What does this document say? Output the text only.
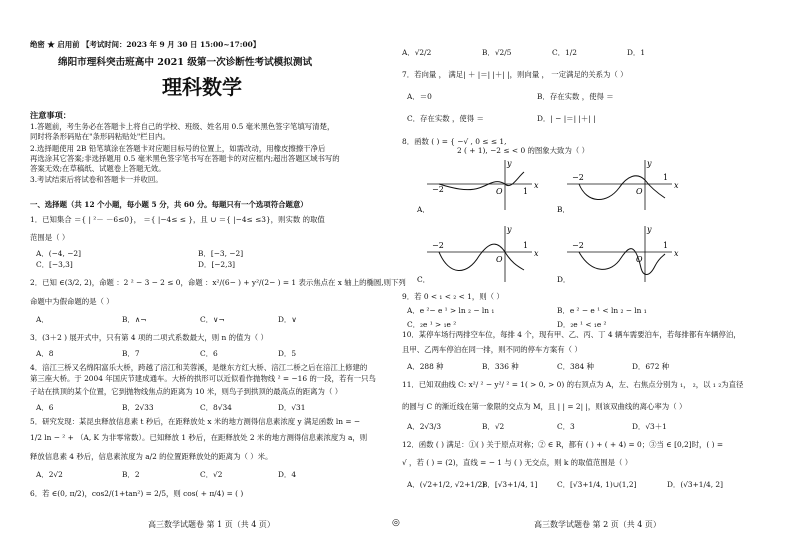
绝密 ★ 启用前 【考试时间：2023 年 9 月 30 日 15:00~17:00】
绵阳市理科突击班高中 2021 级第一次诊断性考试模拟测试
理科数学
注意事项：
1.答题前，考生务必在答题卡上将自己的学校、班级、姓名用 0.5 毫米黑色签字笔填写清楚，
同时将条形码贴在"条形码粘贴处"栏目内。
2.选择题使用 2B 铅笔填涂在答题卡对应题目标号的位置上，如需改动，用橡皮擦擦干净后
再选涂其它答案;非选择题用 0.5 毫米黑色签字笔书写在答题卡的对应框内;超出答题区域书写的
答案无效;在草稿纸、试题卷上答题无效。
3.考试结束后将试卷和答题卡一并收回。
一、选择题（共 12 个小题，每小题 5 分，共 60 分。每题只有一个选项符合题意）
1．已知集合 ＝{ | ²－ －6≤0}， ＝{ |−4≤ ≤ }，且 ∪ ＝{ |−4≤ ≤3}，则实数 的取值
范围是（ ）
A．(−4, −2]	B．[−3, −2]
C．[−3,3]	D．[−2,3]
2．已知 ∈(3/2, 2)，命题 ：2 ² − 3 − 2 ≤ 0，命题 ：x²/(6− ) + y²/(2− ) = 1 表示焦点在 x 轴上的椭圆,则下列
命题中为假命题的是（ ）
A．	B．∧¬	C．∨¬	D．∨
3．(3＋2 ) 展开式中，只有第 4 项的二项式系数最大，则 n 的值为（ ）
A．8	B．7	C．6	D．5
4．涪江三桥又名绵阳富乐大桥，跨越了涪江和芙蓉溪，是继东方红大桥、涪江二桥之后在涪江上修建的
第三座大桥。于 2004 年国庆节建成通车。大桥的拱形可以近似看作抛物线 ² = −16 的一段，若有一只鸟
子站在拱顶的某个位置，它到抛物线焦点的距离为 10 米，则鸟子到拱顶的最高点的距离为（ ）
A．6	B．2√33	C．8√34	D．√31
5．研究发现：某昆虫释放信息素 t 秒后，在距释放处 x 米的地方测得信息素浓度 y 满足函数 ln = −
1/2 ln − ² + （A, K 为非零常数）。已知释放 1 秒后，在距释放处 2 米的地方测得信息素浓度为 a，则
释放信息素 4 秒后，信息素浓度为 a/2 的位置距释放处的距离为（ ）米。
A．2√2	B．2	C．√2	D．4
6．若 ∈(0, π/2)，cos2/(1+tan²) = 2/5，则 cos( + π/4) = ( )
高三数学试题卷 第 1 页（共 4 页）	◎
A．√2/2	B．√2/5	C．1/2	D．1
7．若向量 ， 满足| ＋ |＝| |＋| |，则向量 ， 一定满足的关系为（ ）
A．＝0	B．存在实数 ，使得 ＝
C．存在实数 ，使得 ＝	D．| − |＝| |＋| |
8．函数 ( ) = { −√ , 0 ≤ ≤ 1,
2 ( + 1), −2 ≤ < 0 的图象大致为（ ）
−2	O	1
x
y
A．
−2
O
1
x
y
B．
−2
O
1
x
y
C．
−2
O
1
x
y
D．
9．若 0 < ₁ < ₂ < 1，则（ ）
A．e ²− e ¹ > ln ₂ − ln ₁	B．e ² − e ¹ < ln ₂ − ln ₁
C．₂e ¹ > ₁e ²	D．₂e ¹ < ₁e ²
10．某停车场行两排空车位，每排 4 个，现有甲、乙、丙、丁 4 辆车需要泊车，若每排都有车辆停泊，
且甲、乙两车停泊在同一排，则不同的停车方案有（ ）
A．288 种	B．336 种	C．384 种	D．672 种
11．已知双曲线 C: x²/ ² − y²/ ² = 1( > 0, > 0) 的右顶点为 A，左、右焦点分别为 ₁， ₂，以 ₁ ₂为直径
的圆与 C 的渐近线在第一象限的交点为 M，且 | | = 2| |，则该双曲线的离心率为（ ）
A．2√3/3	B．√2	C．3	D．√3＋1
12．函数 ( ) 满足：①( ) 关于原点对称；② ∈ R，都有 ( ) + ( + 4) = 0；③当 ∈ [0,2]时，( ) =
√ ，若 ( ) = (2)，直线 = − 1 与 ( ) 无交点，则 k 的取值范围是（ ）
A．(√2+1/2, √2+1/2)
B．[√3+1/4, 1]	C．[√3+1/4, 1)∪(1,2]	D．(√3+1/4, 2]
高三数学试题卷 第 2 页（共 4 页）
